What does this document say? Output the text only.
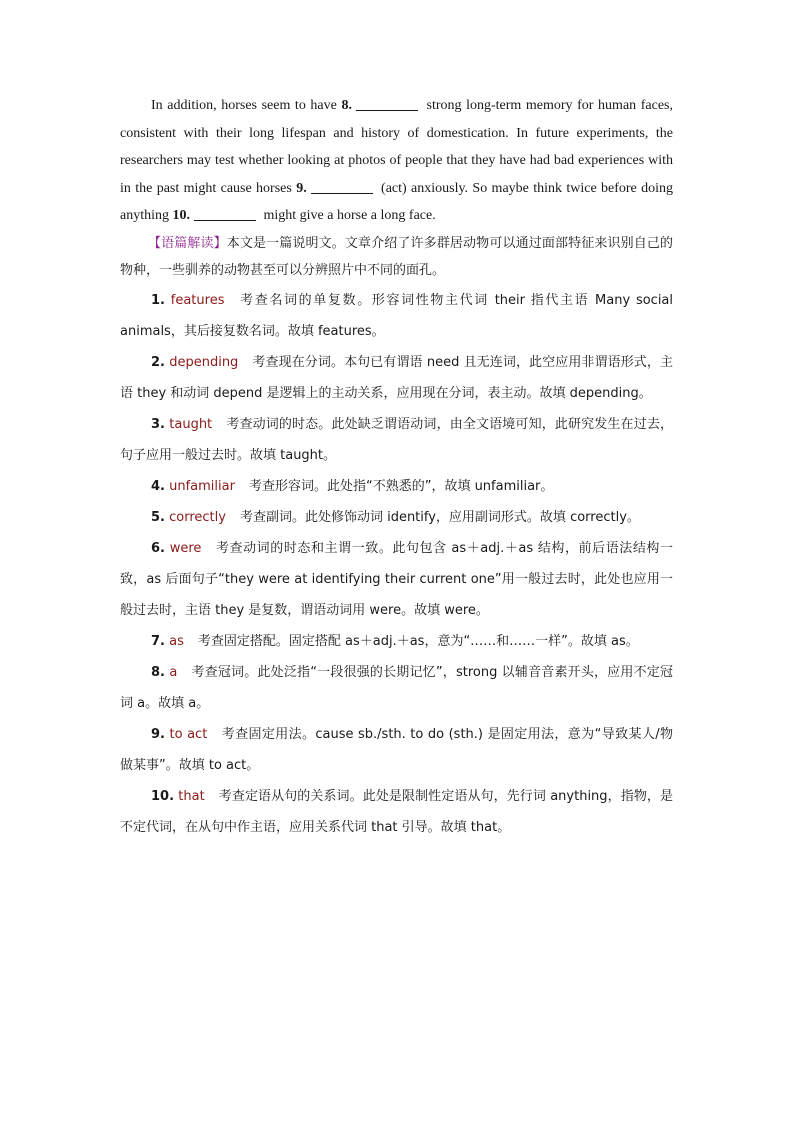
In addition, horses seem to have 8.	strong long-term memory for human faces, consistent with their long lifespan and history of domestication. In future experiments, the researchers may test whether looking at photos of people that they have had bad experiences with in the past might cause horses 9.	(act) anxiously. So maybe think twice before doing anything 10.	might give a horse a long face.

【语篇解读】本文是一篇说明文。文章介绍了许多群居动物可以通过面部特征来识别自己的物种，一些驯养的动物甚至可以分辨照片中不同的面孔。

1. features 考查名词的单复数。形容词性物主代词 their 指代主语 Many social animals，其后接复数名词。故填 features。

2. depending 考查现在分词。本句已有谓语 need 且无连词，此空应用非谓语形式，主语 they 和动词 depend 是逻辑上的主动关系，应用现在分词，表主动。故填 depending。

3. taught 考查动词的时态。此处缺乏谓语动词，由全文语境可知，此研究发生在过去，句子应用一般过去时。故填 taught。

4. unfamiliar 考查形容词。此处指“不熟悉的”，故填 unfamiliar。

5. correctly 考查副词。此处修饰动词 identify，应用副词形式。故填 correctly。

6. were 考查动词的时态和主谓一致。此句包含 as＋adj.＋as 结构，前后语法结构一致，as 后面句子“they were at identifying their current one”用一般过去时，此处也应用一般过去时，主语 they 是复数，谓语动词用 were。故填 were。

7. as 考查固定搭配。固定搭配 as＋adj.＋as，意为“……和……一样”。故填 as。

8. a 考查冠词。此处泛指“一段很强的长期记忆”，strong 以辅音音素开头，应用不定冠词 a。故填 a。

9. to act 考查固定用法。cause sb./sth. to do (sth.) 是固定用法，意为“导致某人/物做某事”。故填 to act。

10. that 考查定语从句的关系词。此处是限制性定语从句，先行词 anything，指物，是不定代词，在从句中作主语，应用关系代词 that 引导。故填 that。
